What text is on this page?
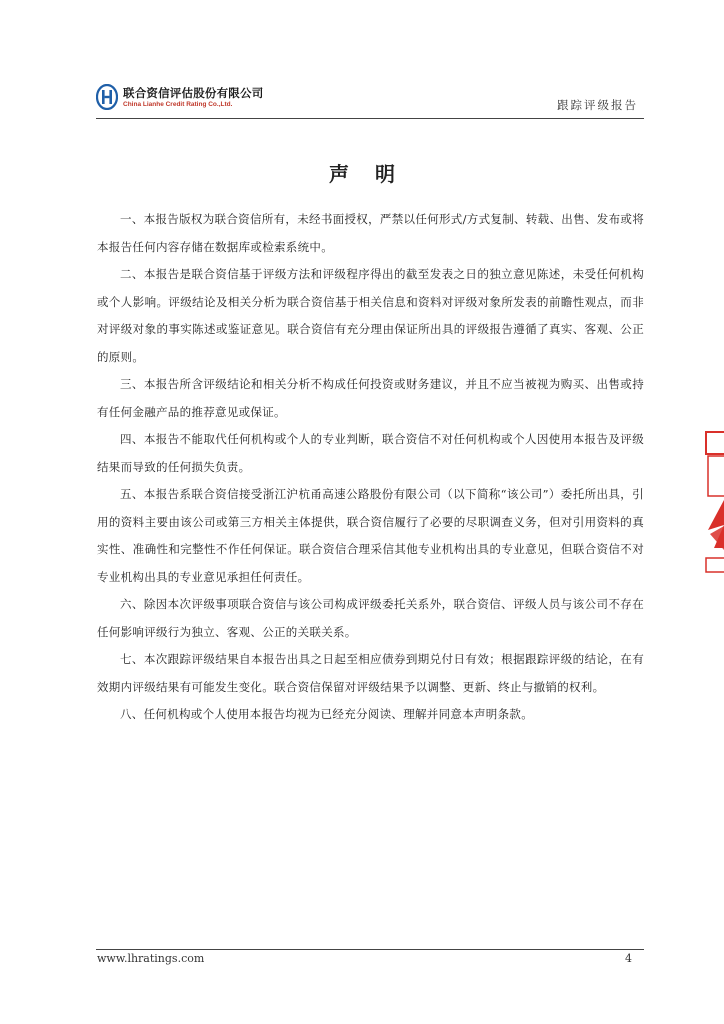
联合资信评估股份有限公司
China Lianhe Credit Rating Co.,Ltd.	跟踪评级报告
声 明

一、本报告版权为联合资信所有，未经书面授权，严禁以任何形式/方式复制、转载、出售、发布或将本报告任何内容存储在数据库或检索系统中。

二、本报告是联合资信基于评级方法和评级程序得出的截至发表之日的独立意见陈述，未受任何机构或个人影响。评级结论及相关分析为联合资信基于相关信息和资料对评级对象所发表的前瞻性观点，而非对评级对象的事实陈述或鉴证意见。联合资信有充分理由保证所出具的评级报告遵循了真实、客观、公正的原则。

三、本报告所含评级结论和相关分析不构成任何投资或财务建议，并且不应当被视为购买、出售或持有任何金融产品的推荐意见或保证。

四、本报告不能取代任何机构或个人的专业判断，联合资信不对任何机构或个人因使用本报告及评级结果而导致的任何损失负责。

五、本报告系联合资信接受浙江沪杭甬高速公路股份有限公司（以下简称“该公司”）委托所出具，引用的资料主要由该公司或第三方相关主体提供，联合资信履行了必要的尽职调查义务，但对引用资料的真实性、准确性和完整性不作任何保证。联合资信合理采信其他专业机构出具的专业意见，但联合资信不对专业机构出具的专业意见承担任何责任。

六、除因本次评级事项联合资信与该公司构成评级委托关系外，联合资信、评级人员与该公司不存在任何影响评级行为独立、客观、公正的关联关系。

七、本次跟踪评级结果自本报告出具之日起至相应债券到期兑付日有效；根据跟踪评级的结论，在有效期内评级结果有可能发生变化。联合资信保留对评级结果予以调整、更新、终止与撤销的权利。

八、任何机构或个人使用本报告均视为已经充分阅读、理解并同意本声明条款。

www.lhratings.com	4
